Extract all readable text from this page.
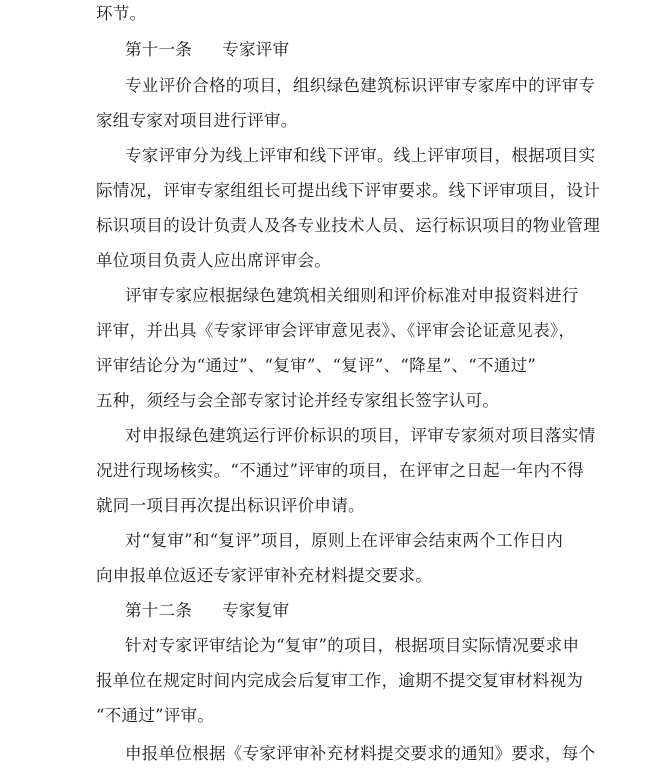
环节。
第十一条 专家评审
专业评价合格的项目，组织绿色建筑标识评审专家库中的评审专
家组专家对项目进行评审。
专家评审分为线上评审和线下评审。线上评审项目，根据项目实
际情况，评审专家组组长可提出线下评审要求。线下评审项目，设计
标识项目的设计负责人及各专业技术人员、运行标识项目的物业管理
单位项目负责人应出席评审会。
评审专家应根据绿色建筑相关细则和评价标准对申报资料进行
评审，并出具《专家评审会评审意见表》、《评审会论证意见表》，
评审结论分为“通过”、“复审”、“复评”、“降星”、“不通过”
五种，须经与会全部专家讨论并经专家组长签字认可。
对申报绿色建筑运行评价标识的项目，评审专家须对项目落实情
况进行现场核实。“不通过”评审的项目，在评审之日起一年内不得
就同一项目再次提出标识评价申请。
对“复审”和“复评”项目，原则上在评审会结束两个工作日内
向申报单位返还专家评审补充材料提交要求。
第十二条 专家复审
针对专家评审结论为“复审”的项目，根据项目实际情况要求申
报单位在规定时间内完成会后复审工作，逾期不提交复审材料视为
“不通过”评审。
申报单位根据《专家评审补充材料提交要求的通知》要求，每个
